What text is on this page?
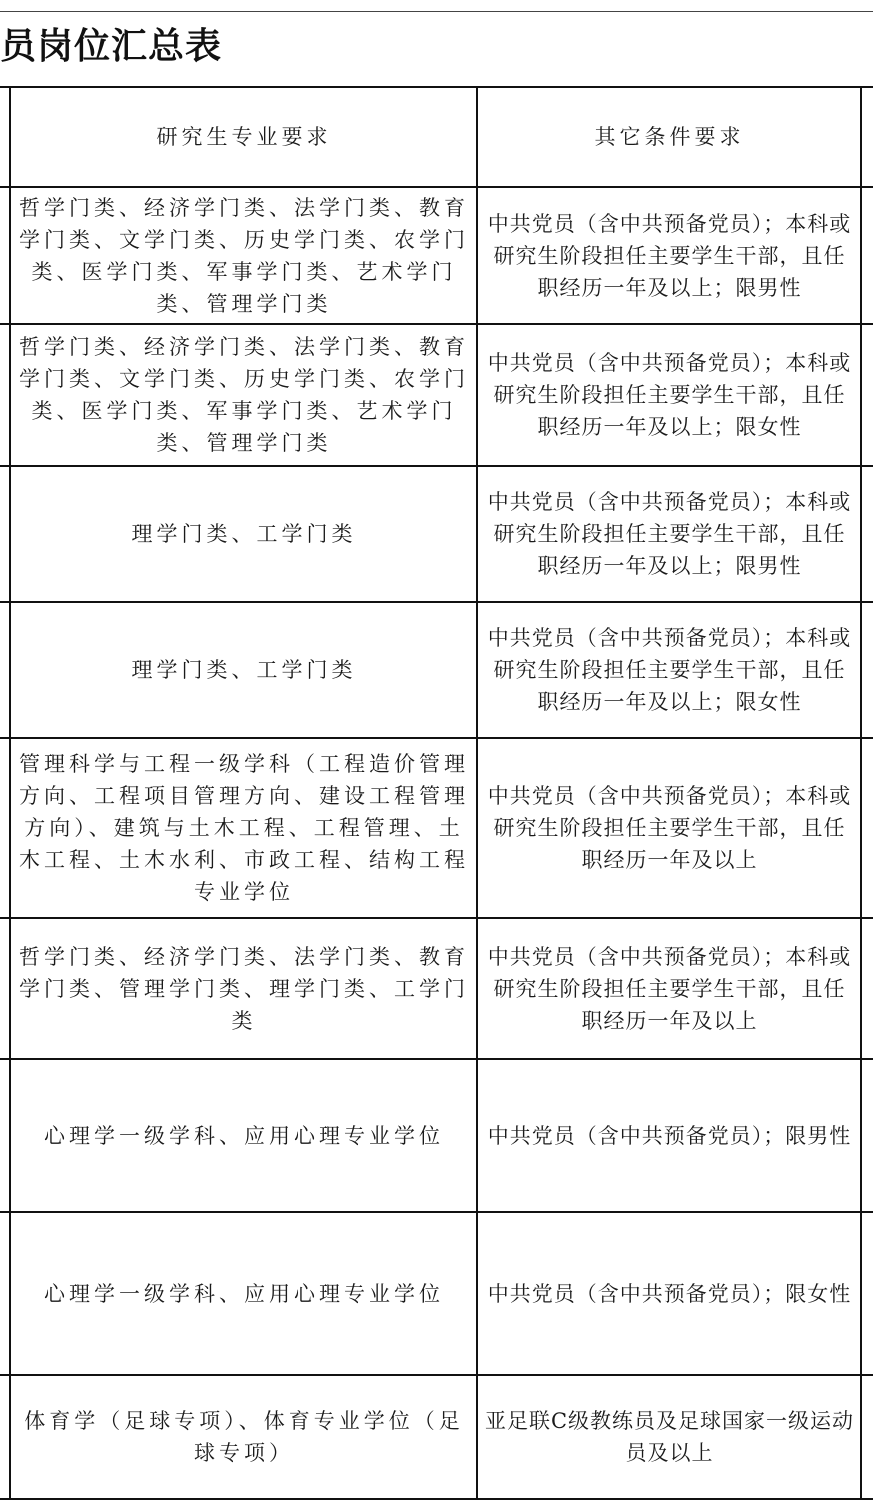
员岗位汇总表
研究生专业要求	其它条件要求
哲学门类、经济学门类、法学门类、教育学门类、文学门类、历史学门类、农学门类、医学门类、军事学门类、艺术学门类、管理学门类
中共党员（含中共预备党员）；本科或研究生阶段担任主要学生干部，且任职经历一年及以上；限男性
哲学门类、经济学门类、法学门类、教育学门类、文学门类、历史学门类、农学门类、医学门类、军事学门类、艺术学门类、管理学门类
中共党员（含中共预备党员）；本科或研究生阶段担任主要学生干部，且任职经历一年及以上；限女性
理学门类、工学门类
中共党员（含中共预备党员）；本科或研究生阶段担任主要学生干部，且任职经历一年及以上；限男性
理学门类、工学门类
中共党员（含中共预备党员）；本科或研究生阶段担任主要学生干部，且任职经历一年及以上；限女性
管理科学与工程一级学科（工程造价管理方向、工程项目管理方向、建设工程管理方向）、建筑与土木工程、工程管理、土木工程、土木水利、市政工程、结构工程专业学位
中共党员（含中共预备党员）；本科或研究生阶段担任主要学生干部，且任职经历一年及以上
哲学门类、经济学门类、法学门类、教育学门类、管理学门类、理学门类、工学门类
中共党员（含中共预备党员）；本科或研究生阶段担任主要学生干部，且任职经历一年及以上
心理学一级学科、应用心理专业学位 中共党员（含中共预备党员）；限男性
心理学一级学科、应用心理专业学位 中共党员（含中共预备党员）；限女性
体育学（足球专项）、体育专业学位（足球专项）
亚足联C级教练员及足球国家一级运动员及以上
